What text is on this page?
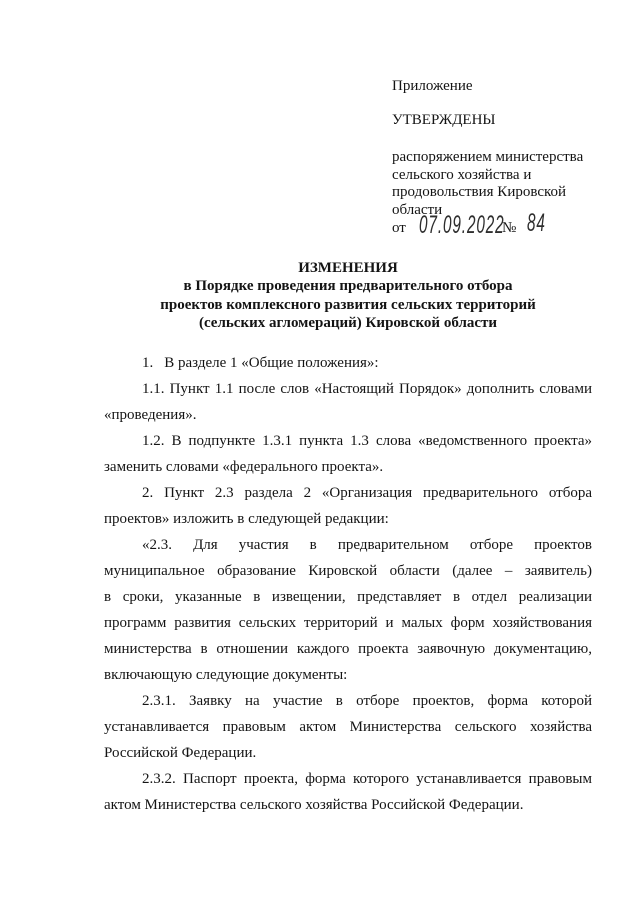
Приложение
УТВЕРЖДЕНЫ
распоряжением министерства
сельского хозяйства и
продовольствия Кировской
области
от 07.09.2022
№ 84
ИЗМЕНЕНИЯ
в Порядке проведения предварительного отбора
проектов комплексного развития сельских территорий
(сельских агломераций) Кировской области
1. В разделе 1 «Общие положения»:
1.1. Пункт 1.1 после слов «Настоящий Порядок» дополнить словами
«проведения».
1.2. В подпункте 1.3.1 пункта 1.3 слова «ведомственного проекта»
заменить словами «федерального проекта».
2. Пункт 2.3 раздела 2 «Организация предварительного отбора
проектов» изложить в следующей редакции:
«2.3. Для участия в предварительном отборе проектов
муниципальное образование Кировской области (далее – заявитель)
в сроки, указанные в извещении, представляет в отдел реализации
программ развития сельских территорий и малых форм хозяйствования
министерства в отношении каждого проекта заявочную документацию,
включающую следующие документы:
2.3.1. Заявку на участие в отборе проектов, форма которой
устанавливается правовым актом Министерства сельского хозяйства
Российской Федерации.
2.3.2. Паспорт проекта, форма которого устанавливается правовым
актом Министерства сельского хозяйства Российской Федерации.
